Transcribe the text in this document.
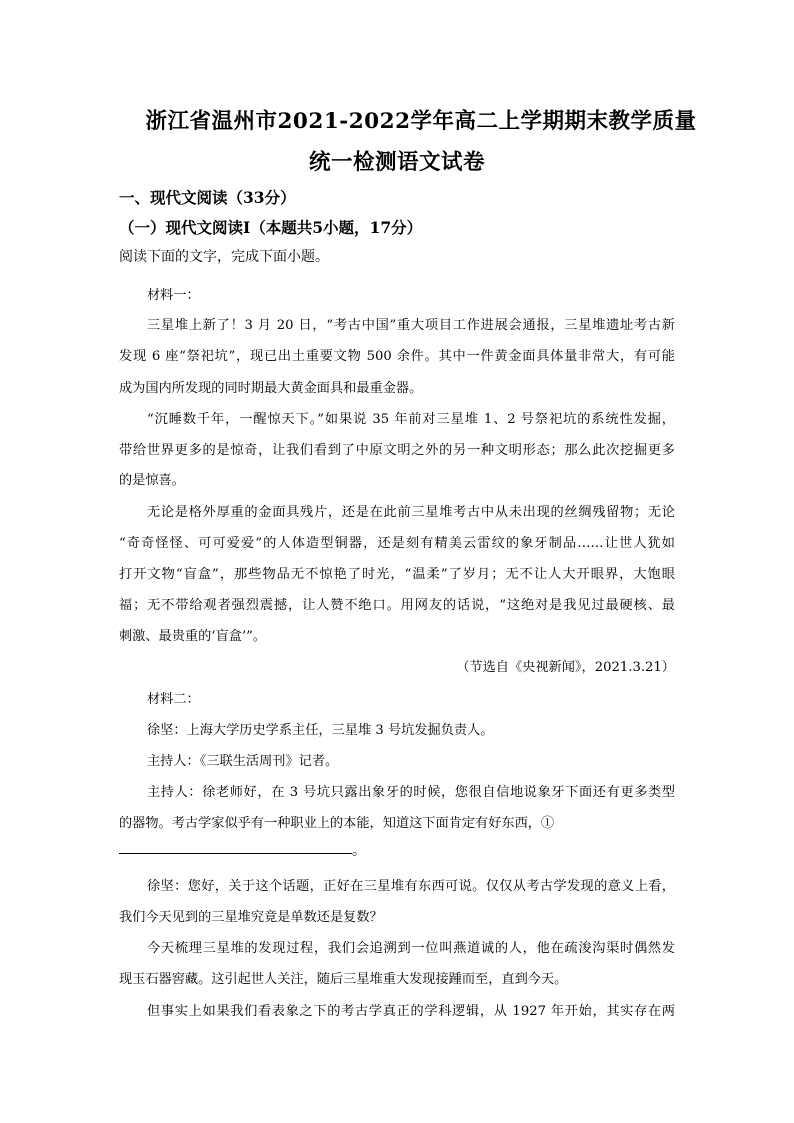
浙江省温州市2021-2022学年高二上学期期末教学质量
统一检测语文试卷
一、现代文阅读（33分）
（一）现代文阅读Ⅰ（本题共5小题，17分）
阅读下面的文字，完成下面小题。
材料一：
三星堆上新了！3 月 20 日，“考古中国”重大项目工作进展会通报，三星堆遗址考古新
发现 6 座“祭祀坑”，现已出土重要文物 500 余件。其中一件黄金面具体量非常大，有可能
成为国内所发现的同时期最大黄金面具和最重金器。
“沉睡数千年，一醒惊天下。”如果说 35 年前对三星堆 1、2 号祭祀坑的系统性发掘，
带给世界更多的是惊奇，让我们看到了中原文明之外的另一种文明形态；那么此次挖掘更多
的是惊喜。
无论是格外厚重的金面具残片，还是在此前三星堆考古中从未出现的丝绸残留物；无论
“奇奇怪怪、可可爱爱”的人体造型铜器，还是刻有精美云雷纹的象牙制品……让世人犹如
打开文物“盲盒”，那些物品无不惊艳了时光，“温柔”了岁月；无不让人大开眼界，大饱眼
福；无不带给观者强烈震撼，让人赞不绝口。用网友的话说，“这绝对是我见过最硬核、最
刺激、最贵重的‘盲盒’”。
（节选自《央视新闻》，2021.3.21）
材料二：
徐坚：上海大学历史学系主任，三星堆 3 号坑发掘负责人。
主持人：《三联生活周刊》记者。
主持人：徐老师好，在 3 号坑只露出象牙的时候，您很自信地说象牙下面还有更多类型
的器物。考古学家似乎有一种职业上的本能，知道这下面肯定有好东西，①
。
徐坚：您好，关于这个话题，正好在三星堆有东西可说。仅仅从考古学发现的意义上看，
我们今天见到的三星堆究竟是单数还是复数？
今天梳理三星堆的发现过程，我们会追溯到一位叫燕道诚的人，他在疏浚沟渠时偶然发
现玉石器窖藏。这引起世人关注，随后三星堆重大发现接踵而至，直到今天。
但事实上如果我们看表象之下的考古学真正的学科逻辑，从 1927 年开始，其实存在两
